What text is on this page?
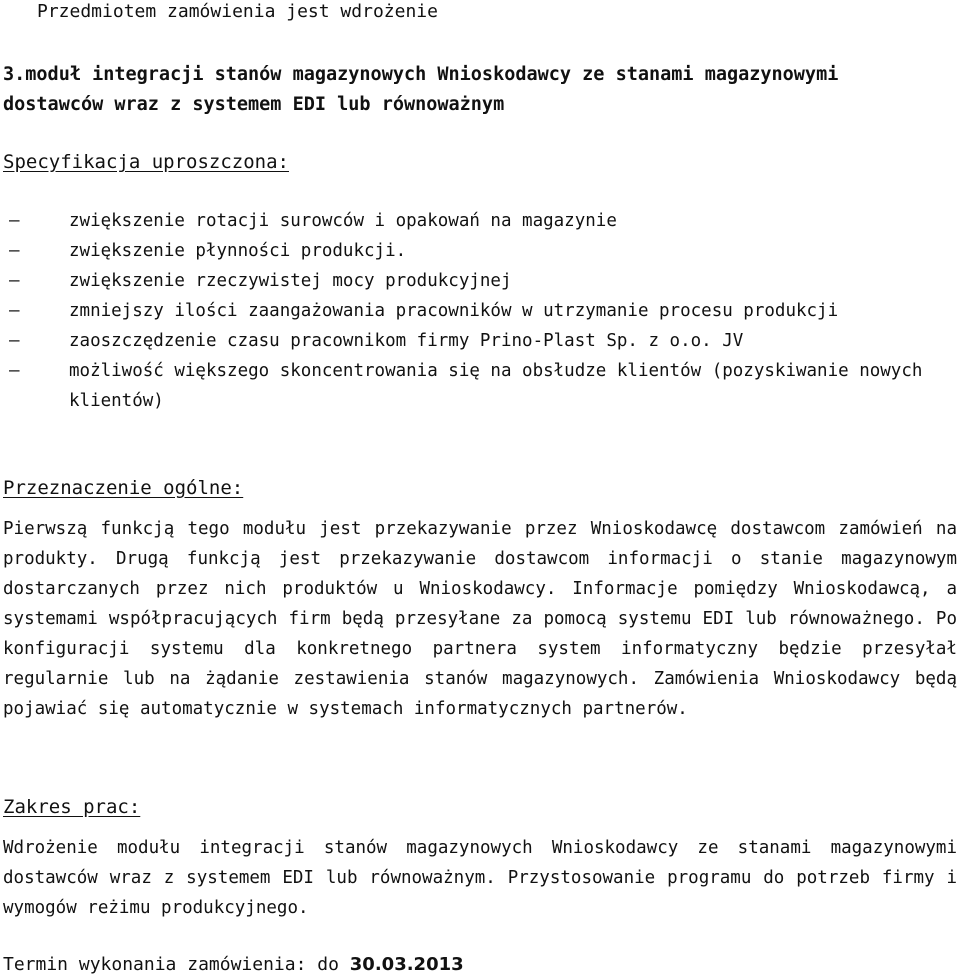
Przedmiotem zamówienia jest wdrożenie
3.moduł integracji stanów magazynowych Wnioskodawcy ze stanami magazynowymi dostawców wraz z systemem EDI lub równoważnym
Specyfikacja uproszczona:
–	zwiększenie rotacji surowców i opakowań na magazynie
–	zwiększenie płynności produkcji.
–	zwiększenie rzeczywistej mocy produkcyjnej
–	zmniejszy ilości zaangażowania pracowników w utrzymanie procesu produkcji
–	zaoszczędzenie czasu pracownikom firmy Prino-Plast Sp. z o.o. JV
–	możliwość większego skoncentrowania się na obsłudze klientów (pozyskiwanie nowych klientów)
Przeznaczenie ogólne:
Pierwszą funkcją tego modułu jest przekazywanie przez Wnioskodawcę dostawcom zamówień na produkty. Drugą funkcją jest przekazywanie dostawcom informacji o stanie magazynowym dostarczanych przez nich produktów u Wnioskodawcy. Informacje pomiędzy Wnioskodawcą, a systemami współpracujących firm będą przesyłane za pomocą systemu EDI lub równoważnego. Po konfiguracji systemu dla konkretnego partnera system informatyczny będzie przesyłał regularnie lub na żądanie zestawienia stanów magazynowych. Zamówienia Wnioskodawcy będą pojawiać się automatycznie w systemach informatycznych partnerów.
Zakres prac:
Wdrożenie modułu integracji stanów magazynowych Wnioskodawcy ze stanami magazynowymi dostawców wraz z systemem EDI lub równoważnym. Przystosowanie programu do potrzeb firmy i wymogów reżimu produkcyjnego.
Termin wykonania zamówienia: do 30.03.2013
